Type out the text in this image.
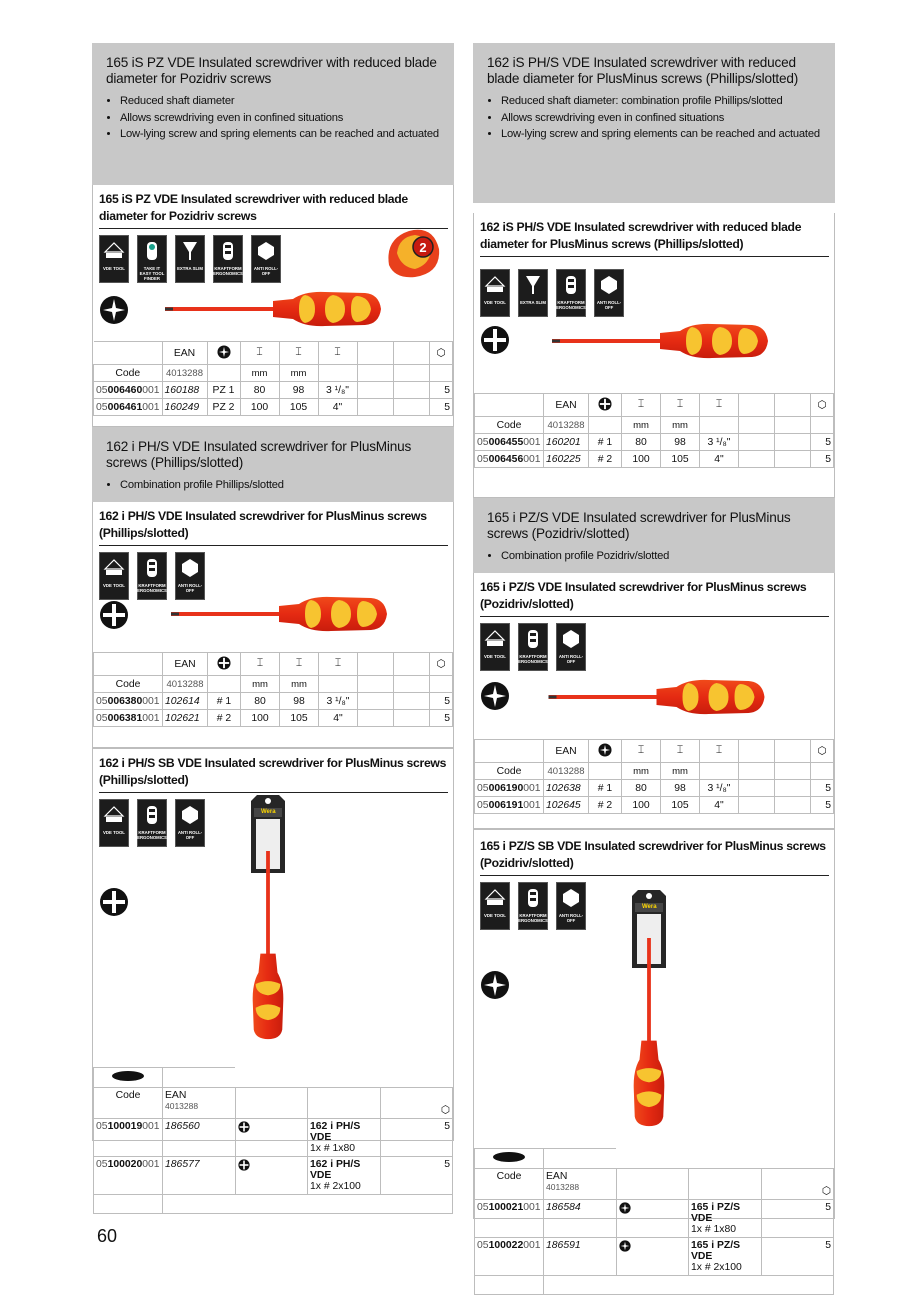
165 iS PZ VDE Insulated screwdriver with reduced blade diameter for Pozidriv screws
• Reduced shaft diameter
• Allows screwdriving even in confined situations
• Low-lying screw and spring elements can be reached and actuated
165 iS PZ VDE Insulated screwdriver with reduced blade diameter for Pozidriv screws
VDE TOOL	TAKE IT EASY TOOL FINDER
EXTRA SLIM	KRAFTFORM ERGONOMICS
ANTI ROLL-OFF
2
	EAN		⌶	⌶	⌶			⬡
Code	4013288		mm	mm				
05006460001	160188	PZ 1	80	98	3 ¹/₈"			5
05006461001	160249	PZ 2	100	105	4"			5
162 i PH/S VDE Insulated screwdriver for PlusMinus screws (Phillips/slotted)
• Combination profile Phillips/slotted
162 i PH/S VDE Insulated screwdriver for PlusMinus screws (Phillips/slotted)
VDE TOOL	KRAFTFORM ERGONOMICS
ANTI ROLL-OFF
	EAN		⌶	⌶	⌶			⬡
Code	4013288		mm	mm				
05006380001	102614	# 1	80	98	3 ¹/₈"			5
05006381001	102621	# 2	100	105	4"			5
162 i PH/S SB VDE Insulated screwdriver for PlusMinus screws (Phillips/slotted)
VDE TOOL	KRAFTFORM ERGONOMICS
ANTI ROLL-OFF
Wera

Code	EAN
4013288			⬡
05100019001	186560		162 i PH/S VDE
1x # 1x80	5
05100020001	186577		162 i PH/S VDE
1x # 2x100	5

162 iS PH/S VDE Insulated screwdriver with reduced blade diameter for PlusMinus screws (Phillips/slotted)
• Reduced shaft diameter: combination profile Phillips/slotted
• Allows screwdriving even in confined situations
• Low-lying screw and spring elements can be reached and actuated
162 iS PH/S VDE Insulated screwdriver with reduced blade diameter for PlusMinus screws (Phillips/slotted)
VDE TOOL	EXTRA SLIM	KRAFTFORM ERGONOMICS
ANTI ROLL-OFF
	EAN		⌶	⌶	⌶			⬡
Code	4013288		mm	mm				
05006455001	160201	# 1	80	98	3 ¹/₈"			5
05006456001	160225	# 2	100	105	4"			5
165 i PZ/S VDE Insulated screwdriver for PlusMinus screws (Pozidriv/slotted)
• Combination profile Pozidriv/slotted
165 i PZ/S VDE Insulated screwdriver for PlusMinus screws (Pozidriv/slotted)
VDE TOOL	KRAFTFORM ERGONOMICS
ANTI ROLL-OFF
	EAN		⌶	⌶	⌶			⬡
Code	4013288		mm	mm				
05006190001	102638	# 1	80	98	3 ¹/₈"			5
05006191001	102645	# 2	100	105	4"			5
165 i PZ/S SB VDE Insulated screwdriver for PlusMinus screws (Pozidriv/slotted)
VDE TOOL	KRAFTFORM ERGONOMICS
ANTI ROLL-OFF
Wera

Code	EAN
4013288			⬡
05100021001	186584		165 i PZ/S VDE
1x # 1x80	5
05100022001	186591		165 i PZ/S VDE
1x # 2x100	5

60
